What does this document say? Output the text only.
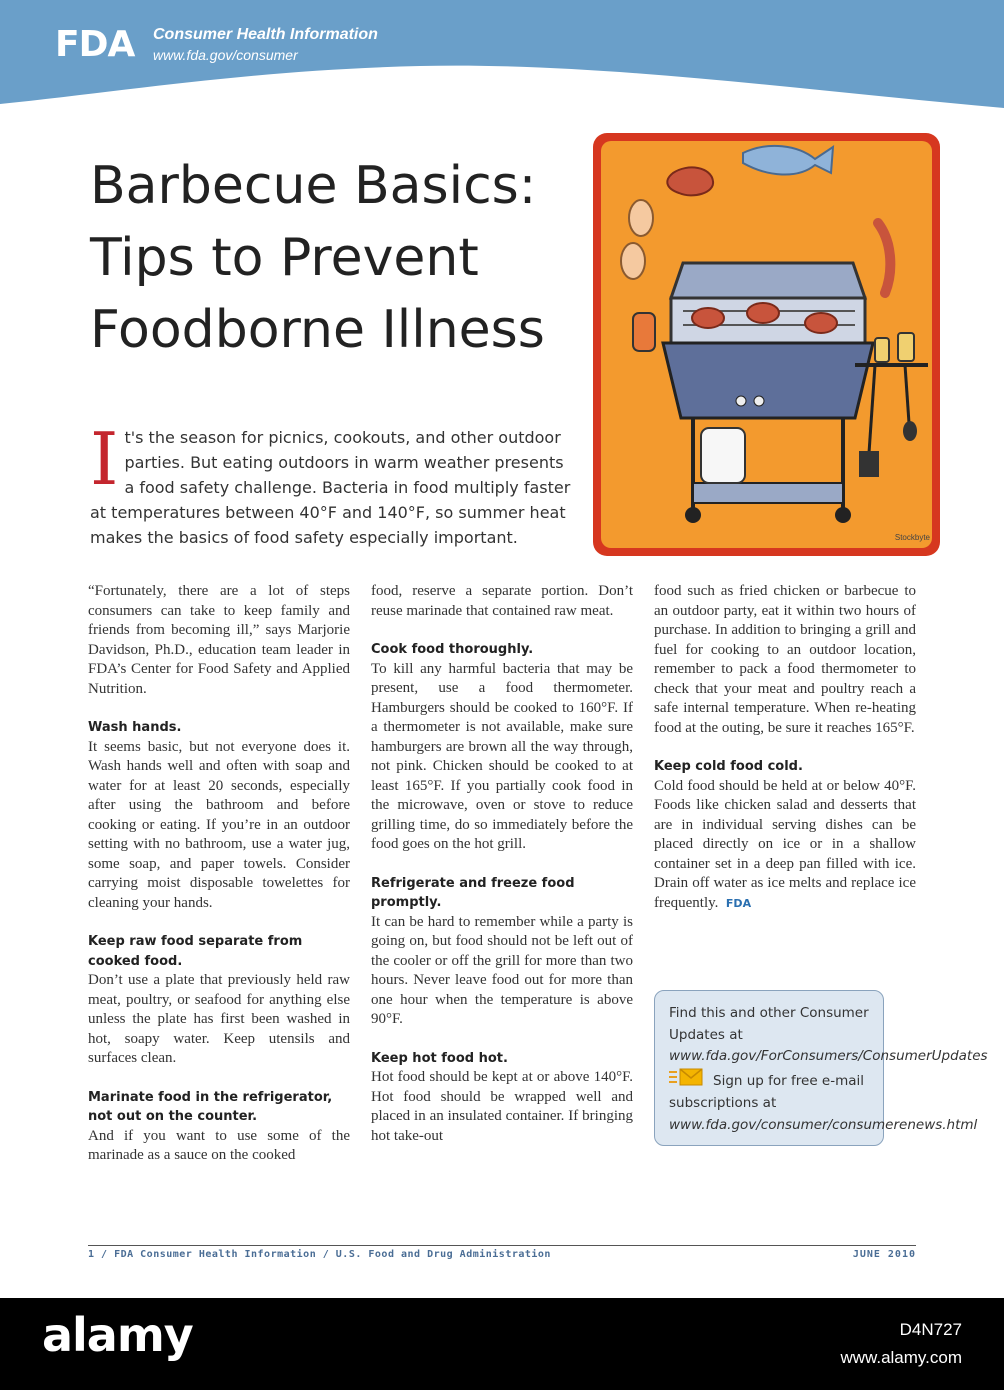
FDA Consumer Health Information
www.fda.gov/consumer
Barbecue Basics:
Tips to Prevent
Foodborne Illness

It's the season for picnics, cookouts, and other outdoor parties. But eating outdoors in warm weather presents a food safety challenge. Bacteria in food multiply faster at temperatures between 40°F and 140°F, so summer heat makes the basics of food safety especially important.	Stockbyte

“Fortunately, there are a lot of steps consumers can take to keep family and friends from becoming ill,” says Marjorie Davidson, Ph.D., education team leader in FDA’s Center for Food Safety and Applied Nutrition.

Wash hands.

It seems basic, but not everyone does it. Wash hands well and often with soap and water for at least 20 seconds, especially after using the bathroom and before cooking or eating. If you’re in an outdoor setting with no bathroom, use a water jug, some soap, and paper towels. Consider carrying moist disposable towelettes for cleaning your hands.

Keep raw food separate from cooked food.

Don’t use a plate that previously held raw meat, poultry, or seafood for anything else unless the plate has first been washed in hot, soapy water. Keep utensils and surfaces clean.

Marinate food in the refrigerator, not out on the counter.

And if you want to use some of the marinade as a sauce on the cooked

food, reserve a separate portion. Don’t reuse marinade that contained raw meat.

Cook food thoroughly.

To kill any harmful bacteria that may be present, use a food thermometer. Hamburgers should be cooked to 160°F. If a thermometer is not available, make sure hamburgers are brown all the way through, not pink. Chicken should be cooked to at least 165°F. If you partially cook food in the microwave, oven or stove to reduce grilling time, do so immediately before the food goes on the hot grill.

Refrigerate and freeze food promptly.

It can be hard to remember while a party is going on, but food should not be left out of the cooler or off the grill for more than two hours. Never leave food out for more than one hour when the temperature is above 90°F.

Keep hot food hot.

Hot food should be kept at or above 140°F. Hot food should be wrapped well and placed in an insulated container. If bringing hot take-out

food such as fried chicken or barbecue to an outdoor party, eat it within two hours of purchase. In addition to bringing a grill and fuel for cooking to an outdoor location, remember to pack a food thermometer to check that your meat and poultry reach a safe internal temperature. When re-heating food at the outing, be sure it reaches 165°F.

Keep cold food cold.

Cold food should be held at or below 40°F. Foods like chicken salad and desserts that are in individual serving dishes can be placed directly on ice or in a shallow container set in a deep pan filled with ice. Drain off water as ice melts and replace ice frequently. FDA

Find this and other Consumer Updates at www.fda.gov/ForConsumers/ConsumerUpdates

Sign up for free e-mail subscriptions at www.fda.gov/consumer/consumerenews.html

1 / FDA Consumer Health Information / U.S. Food and Drug Administration	JUNE 2010
alamy	D4N727
www.alamy.com
